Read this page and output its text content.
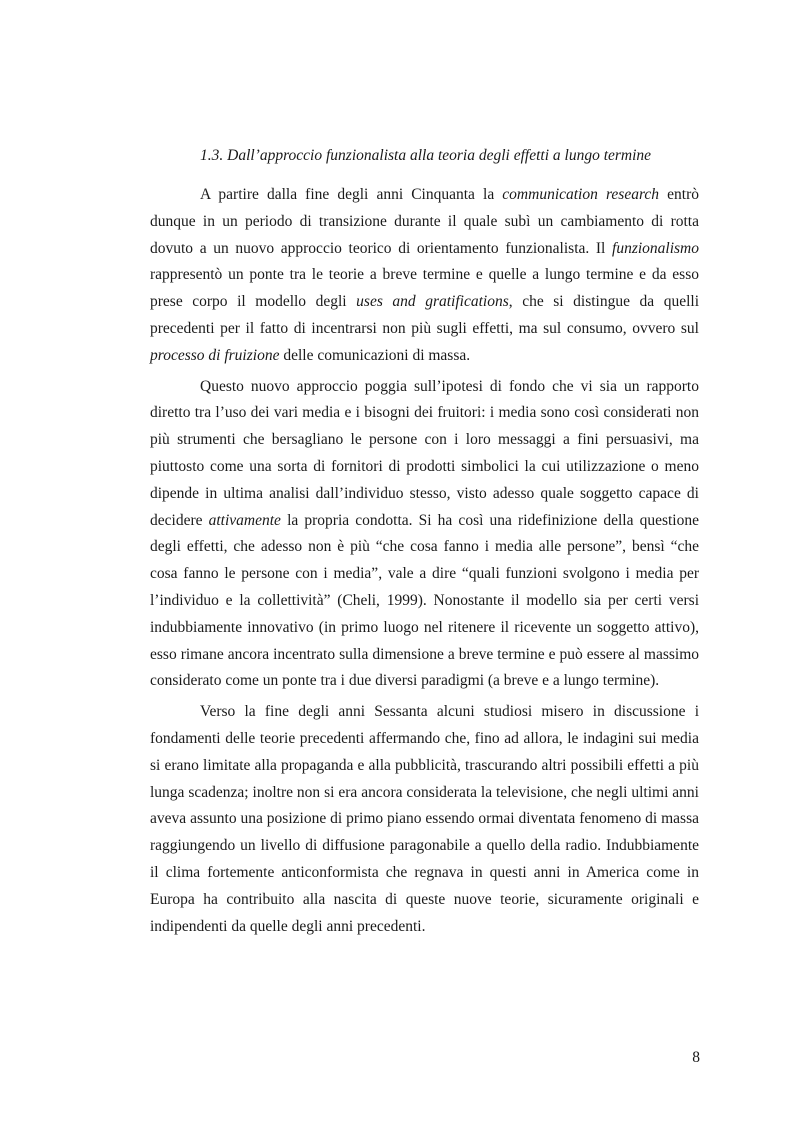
1.3. Dall’approccio funzionalista alla teoria degli effetti a lungo termine

A partire dalla fine degli anni Cinquanta la communication research entrò dunque in un periodo di transizione durante il quale subì un cambiamento di rotta dovuto a un nuovo approccio teorico di orientamento funzionalista. Il funzionalismo rappresentò un ponte tra le teorie a breve termine e quelle a lungo termine e da esso prese corpo il modello degli uses and gratifications, che si distingue da quelli precedenti per il fatto di incentrarsi non più sugli effetti, ma sul consumo, ovvero sul processo di fruizione delle comunicazioni di massa.

Questo nuovo approccio poggia sull’ipotesi di fondo che vi sia un rapporto diretto tra l’uso dei vari media e i bisogni dei fruitori: i media sono così considerati non più strumenti che bersagliano le persone con i loro messaggi a fini persuasivi, ma piuttosto come una sorta di fornitori di prodotti simbolici la cui utilizzazione o meno dipende in ultima analisi dall’individuo stesso, visto adesso quale soggetto capace di decidere attivamente la propria condotta. Si ha così una ridefinizione della questione degli effetti, che adesso non è più “che cosa fanno i media alle persone”, bensì “che cosa fanno le persone con i media”, vale a dire “quali funzioni svolgono i media per l’individuo e la collettività” (Cheli, 1999). Nonostante il modello sia per certi versi indubbiamente innovativo (in primo luogo nel ritenere il ricevente un soggetto attivo), esso rimane ancora incentrato sulla dimensione a breve termine e può essere al massimo considerato come un ponte tra i due diversi paradigmi (a breve e a lungo termine).

Verso la fine degli anni Sessanta alcuni studiosi misero in discussione i fondamenti delle teorie precedenti affermando che, fino ad allora, le indagini sui media si erano limitate alla propaganda e alla pubblicità, trascurando altri possibili effetti a più lunga scadenza; inoltre non si era ancora considerata la televisione, che negli ultimi anni aveva assunto una posizione di primo piano essendo ormai diventata fenomeno di massa raggiungendo un livello di diffusione paragonabile a quello della radio. Indubbiamente il clima fortemente anticonformista che regnava in questi anni in America come in Europa ha contribuito alla nascita di queste nuove teorie, sicuramente originali e indipendenti da quelle degli anni precedenti.

8
